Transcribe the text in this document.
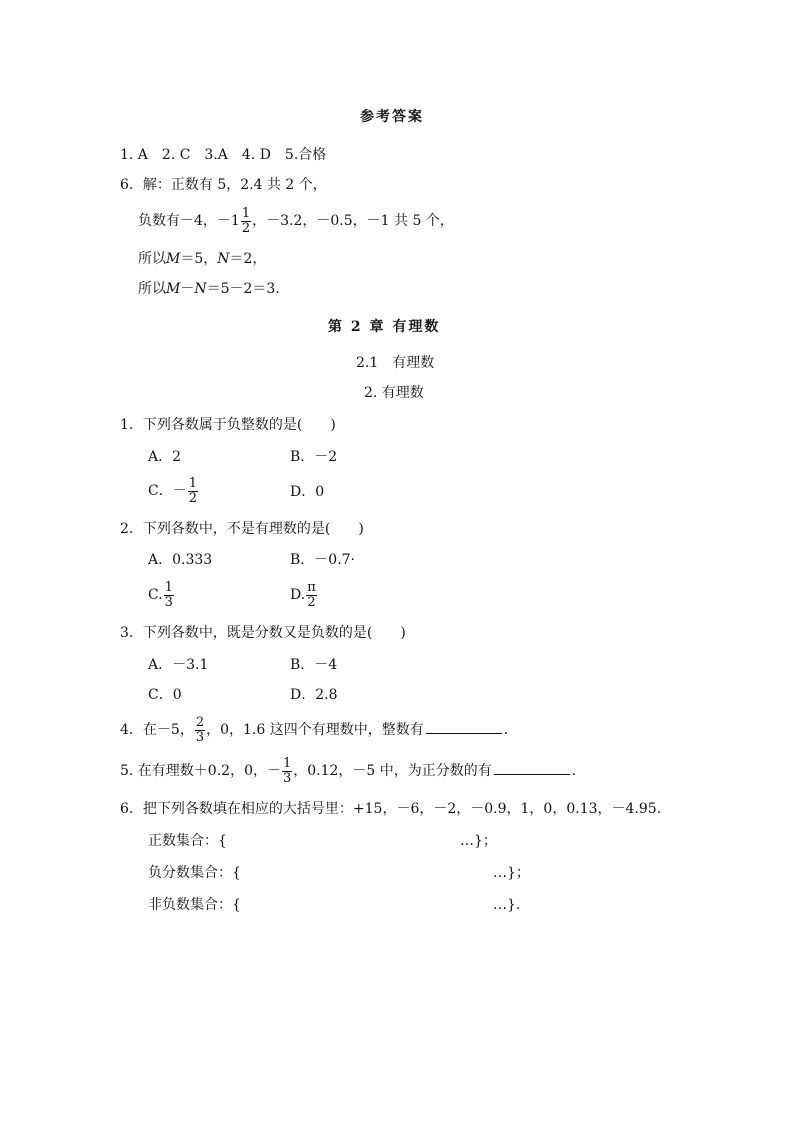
参考答案
1. A　2. C　3.A　4. D　5.合格
6．解：正数有 5，2.4 共 2 个，
负数有－4，$-1 \frac{1}{2}$ ，－3.2，－0.5，－1 共 5 个，
所以M＝5，N＝2，
所以M－N＝5－2＝3.
第 2 章 有理数
2.1　有理数
2. 有理数
1．下列各数属于负整数的是(　　)
A．2	B．－2
C．－ $\frac{1}{2}$	D．0
2．下列各数中，不是有理数的是(　　)
A．0.333	B．－0.7·
C. $\frac{1}{3}$	D. $\frac{\pi}{2}$
3．下列各数中，既是分数又是负数的是(　　)
A．－3.1	B．－4
C．0	D．2.8
4．在－5， $\frac{2}{3}$ ，0，1.6 这四个有理数中，整数有	.
5. 在有理数＋0.2，0，－ $\frac{1}{3}$ ，0.12，－5 中，为正分数的有	.
6．把下列各数填在相应的大括号里：+15，－6，－2，－0.9，1，0，0.13，－4.95.
正数集合：{	…}；
负分数集合：{	…}；
非负数集合：{	…}.
